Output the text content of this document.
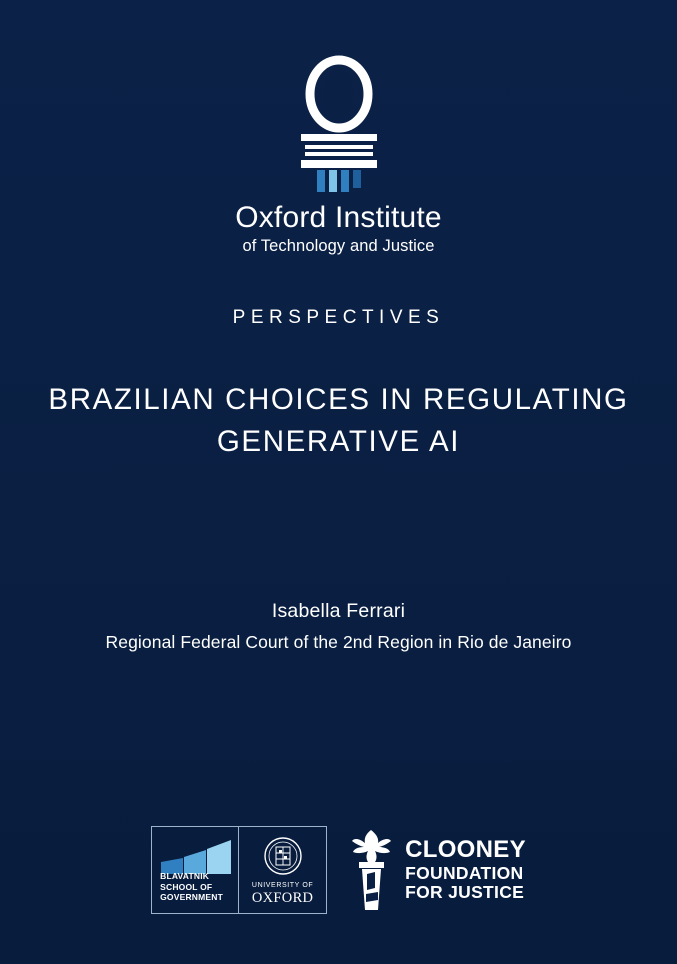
Oxford Institute
of Technology and Justice
PERSPECTIVES
BRAZILIAN CHOICES IN REGULATING GENERATIVE AI
Isabella Ferrari
Regional Federal Court of the 2nd Region in Rio de Janeiro
BLAVATNIK
SCHOOL OF
GOVERNMENT
UNIVERSITY OF
OXFORD
CLOONEY
FOUNDATION
FOR JUSTICE
